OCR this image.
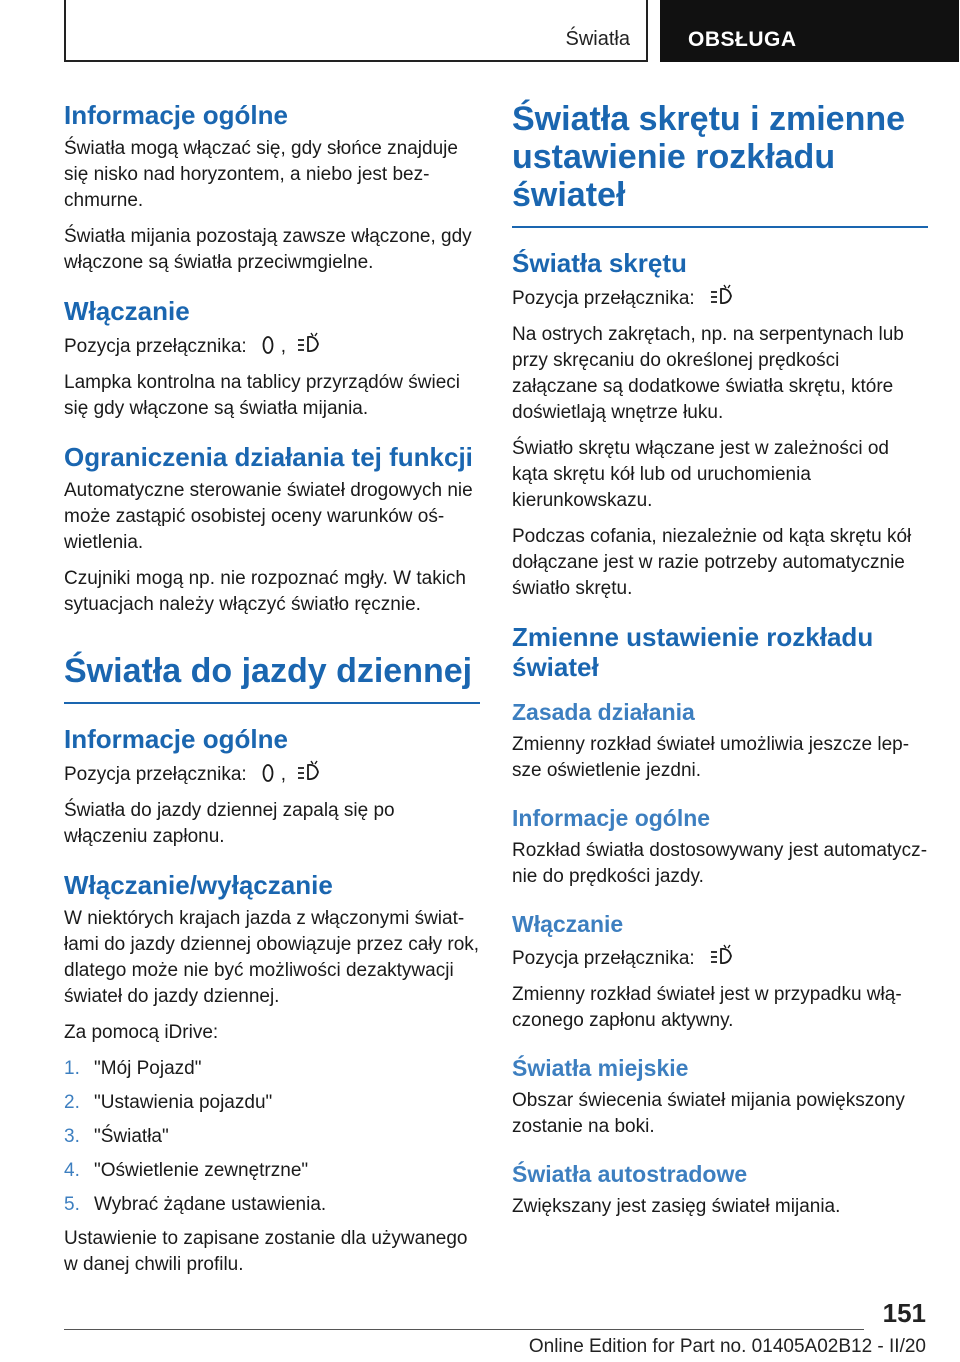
Światła	OBSŁUGA
Informacje ogólne

Światła mogą włączać się, gdy słońce znajduje się nisko nad horyzontem, a niebo jest bezchmurne.

Światła mijania pozostają zawsze włączone, gdy włączone są światła przeciwmgielne.

Włączanie

Pozycja przełącznika: ,

Lampka kontrolna na tablicy przyrządów świeci się gdy włączone są światła mijania.

Ograniczenia działania tej funkcji

Automatyczne sterowanie świateł drogowych nie może zastąpić osobistej oceny warunków oświetlenia.

Czujniki mogą np. nie rozpoznać mgły. W takich sytuacjach należy włączyć światło ręcznie.

Światła do jazdy dziennej
Informacje ogólne

Pozycja przełącznika: ,

Światła do jazdy dziennej zapalą się po włączeniu zapłonu.

Włączanie/wyłączanie

W niektórych krajach jazda z włączonymi światłami do jazdy dziennej obowiązuje przez cały rok, dlatego może nie być możliwości dezaktywacji świateł do jazdy dziennej.

Za pomocą iDrive:

1. "Mój Pojazd"
2. "Ustawienia pojazdu"
3. "Światła"
4. "Oświetlenie zewnętrzne"
5. Wybrać żądane ustawienia.

Ustawienie to zapisane zostanie dla używanego w danej chwili profilu.

Światła skrętu i zmienne ustawienie rozkładu świateł
Światła skrętu

Pozycja przełącznika:

Na ostrych zakrętach, np. na serpentynach lub przy skręcaniu do określonej prędkości załączane są dodatkowe światła skrętu, które doświetlają wnętrze łuku.

Światło skrętu włączane jest w zależności od kąta skrętu kół lub od uruchomienia kierunkowskazu.

Podczas cofania, niezależnie od kąta skrętu kół dołączane jest w razie potrzeby automatycznie światło skrętu.

Zmienne ustawienie rozkładu świateł
Zasada działania

Zmienny rozkład świateł umożliwia jeszcze lepsze oświetlenie jezdni.

Informacje ogólne

Rozkład światła dostosowywany jest automatycznie do prędkości jazdy.

Włączanie

Pozycja przełącznika:

Zmienny rozkład świateł jest w przypadku włączonego zapłonu aktywny.

Światła miejskie

Obszar świecenia świateł mijania powiększony zostanie na boki.

Światła autostradowe

Zwiększany jest zasięg świateł mijania.

151
Online Edition for Part no. 01405A02B12 - II/20
